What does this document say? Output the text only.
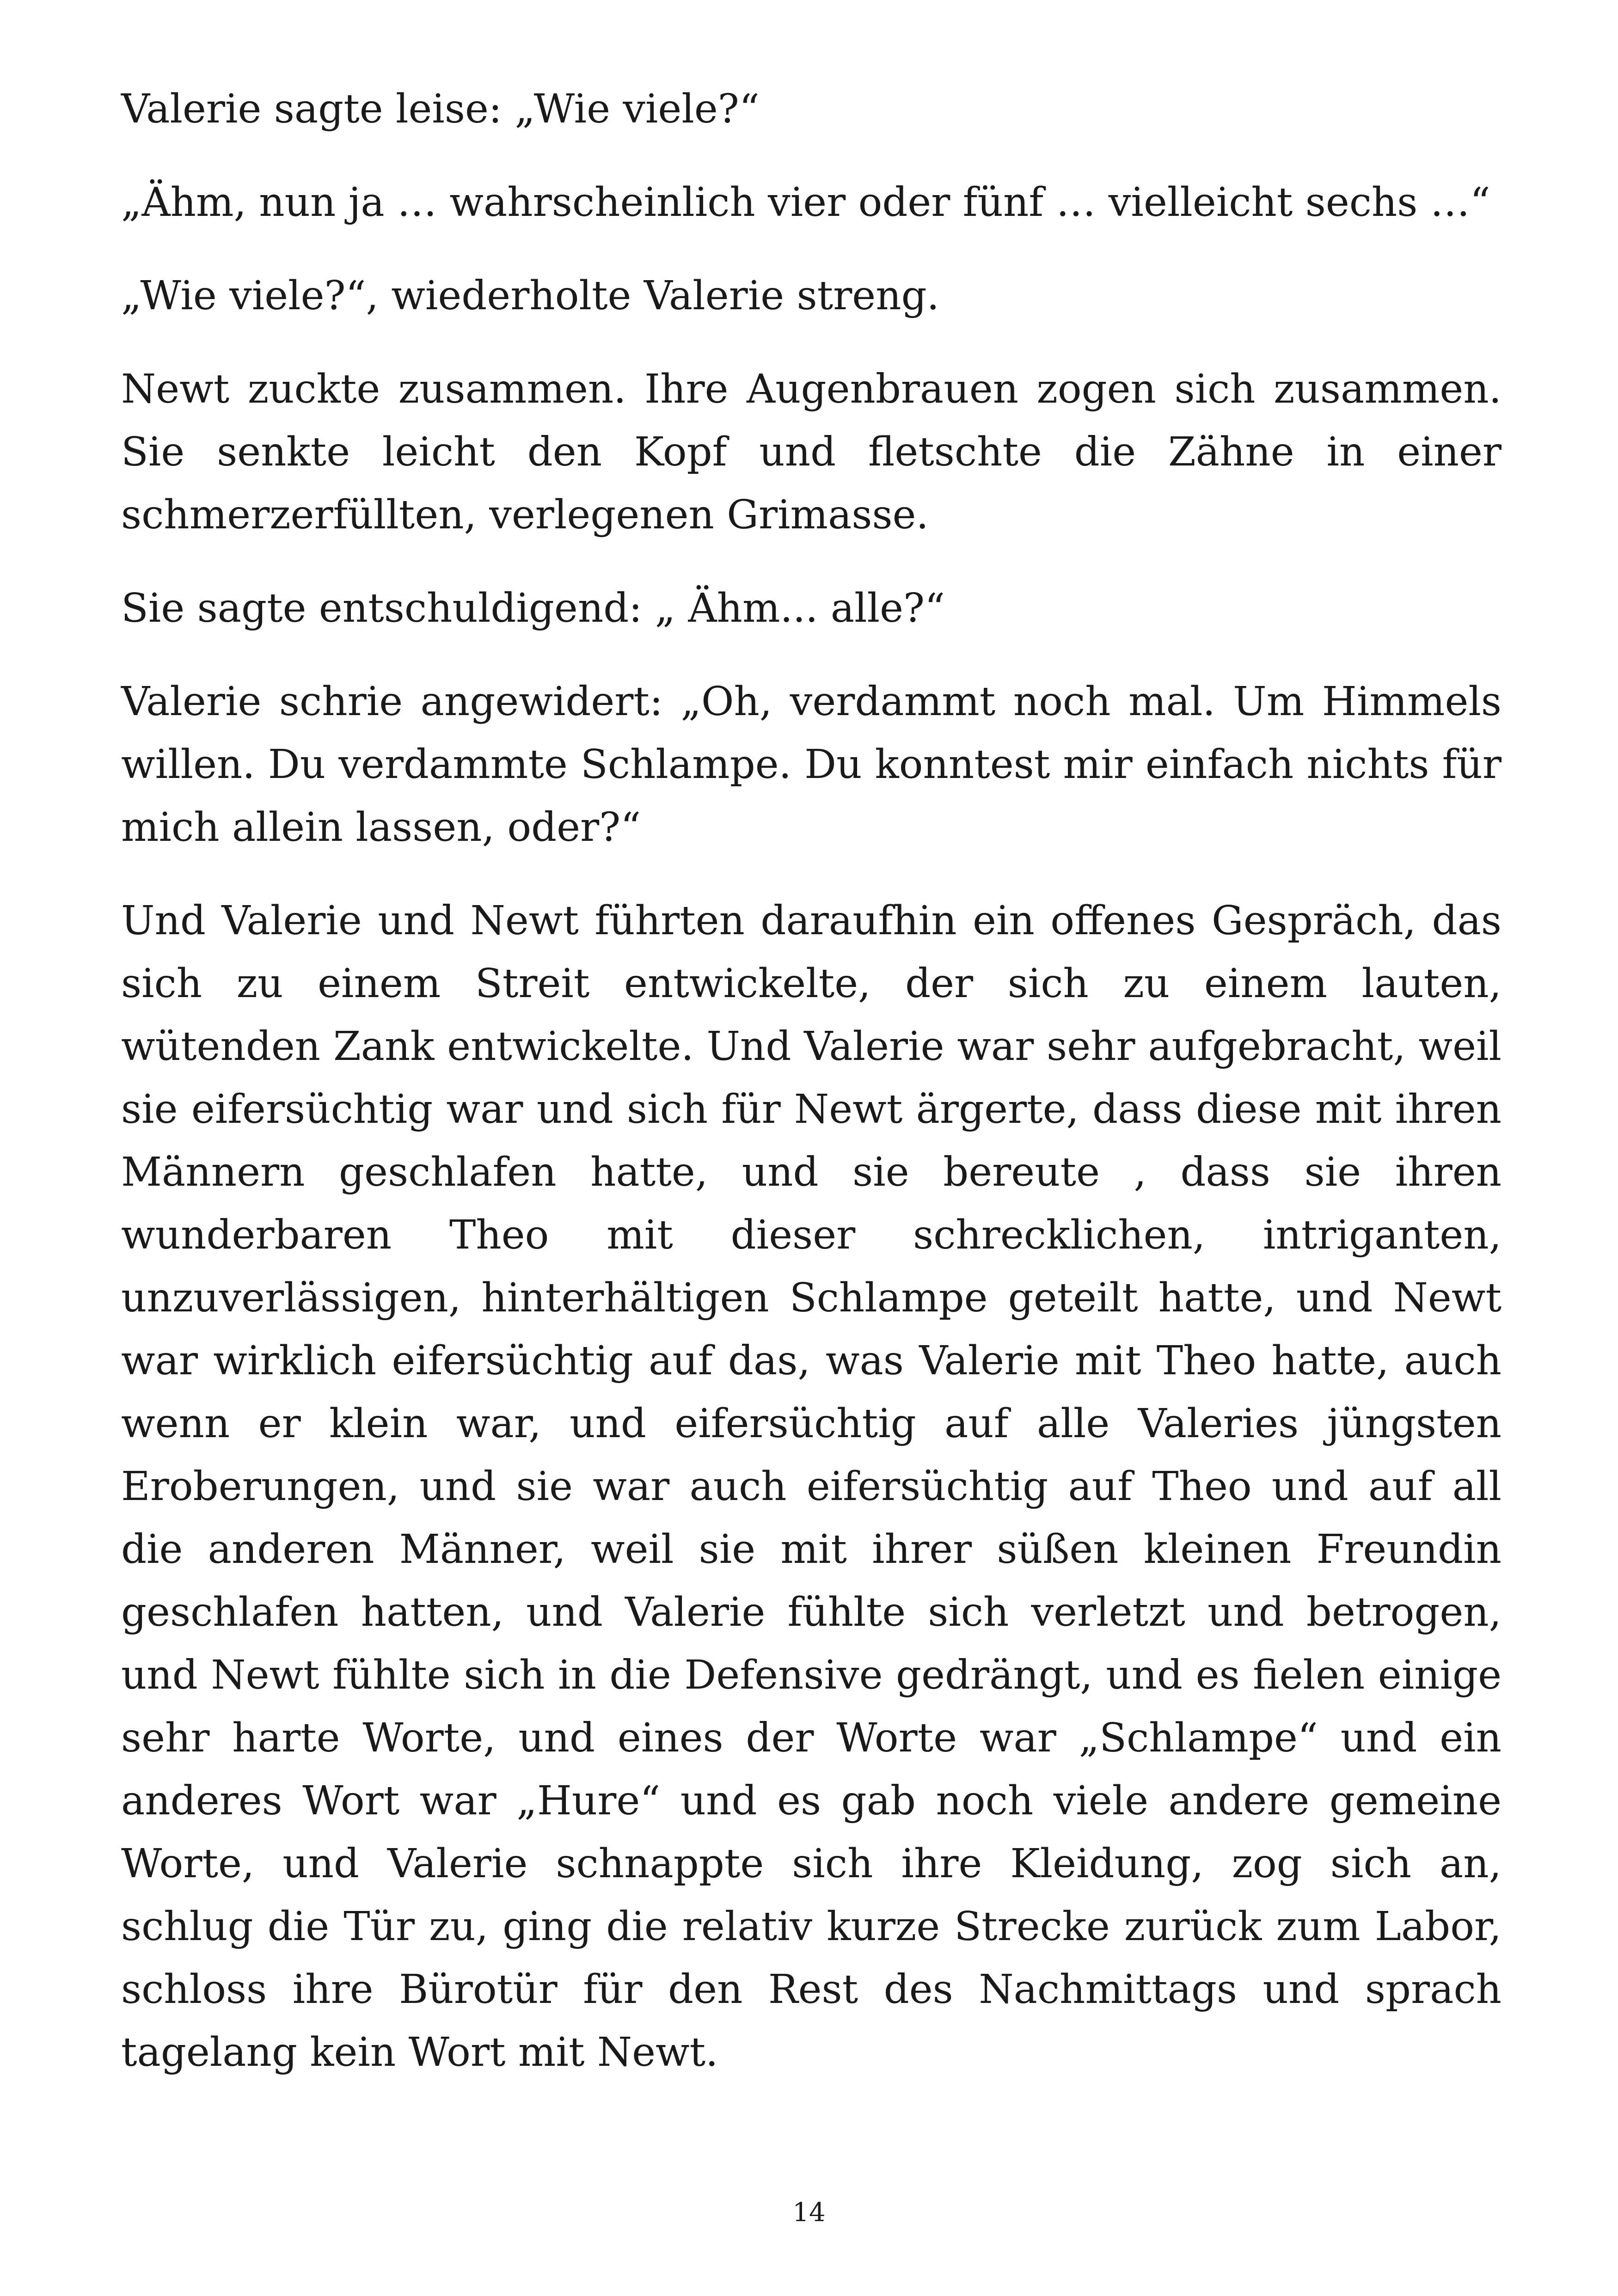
Valerie sagte leise: „Wie viele?“

„Ähm, nun ja … wahrscheinlich vier oder fünf … vielleicht sechs …“

„Wie viele?“, wiederholte Valerie streng.

Newt zuckte zusammen. Ihre Augenbrauen zogen sich zusammen. Sie senkte leicht den Kopf und fletschte die Zähne in einer schmerzerfüllten, verlegenen Grimasse.

Sie sagte entschuldigend: „ Ähm... alle?“

Valerie schrie angewidert: „Oh, verdammt noch mal. Um Himmels willen. Du verdammte Schlampe. Du konntest mir einfach nichts für mich allein lassen, oder?“

Und Valerie und Newt führten daraufhin ein offenes Gespräch, das sich zu einem Streit entwickelte, der sich zu einem lauten, wütenden Zank entwickelte. Und Valerie war sehr aufgebracht, weil sie eifersüchtig war und sich für Newt ärgerte, dass diese mit ihren Männern geschlafen hatte, und sie bereute , dass sie ihren wunderbaren Theo mit dieser schrecklichen, intriganten, unzuverlässigen, hinterhältigen Schlampe geteilt hatte, und Newt war wirklich eifersüchtig auf das, was Valerie mit Theo hatte, auch wenn er klein war, und eifersüchtig auf alle Valeries jüngsten Eroberungen, und sie war auch eifersüchtig auf Theo und auf all die anderen Männer, weil sie mit ihrer süßen kleinen Freundin geschlafen hatten, und Valerie fühlte sich verletzt und betrogen, und Newt fühlte sich in die Defensive gedrängt, und es fielen einige sehr harte Worte, und eines der Worte war „Schlampe“ und ein anderes Wort war „Hure“ und es gab noch viele andere gemeine Worte, und Valerie schnappte sich ihre Kleidung, zog sich an, schlug die Tür zu, ging die relativ kurze Strecke zurück zum Labor, schloss ihre Bürotür für den Rest des Nachmittags und sprach tagelang kein Wort mit Newt.

14
